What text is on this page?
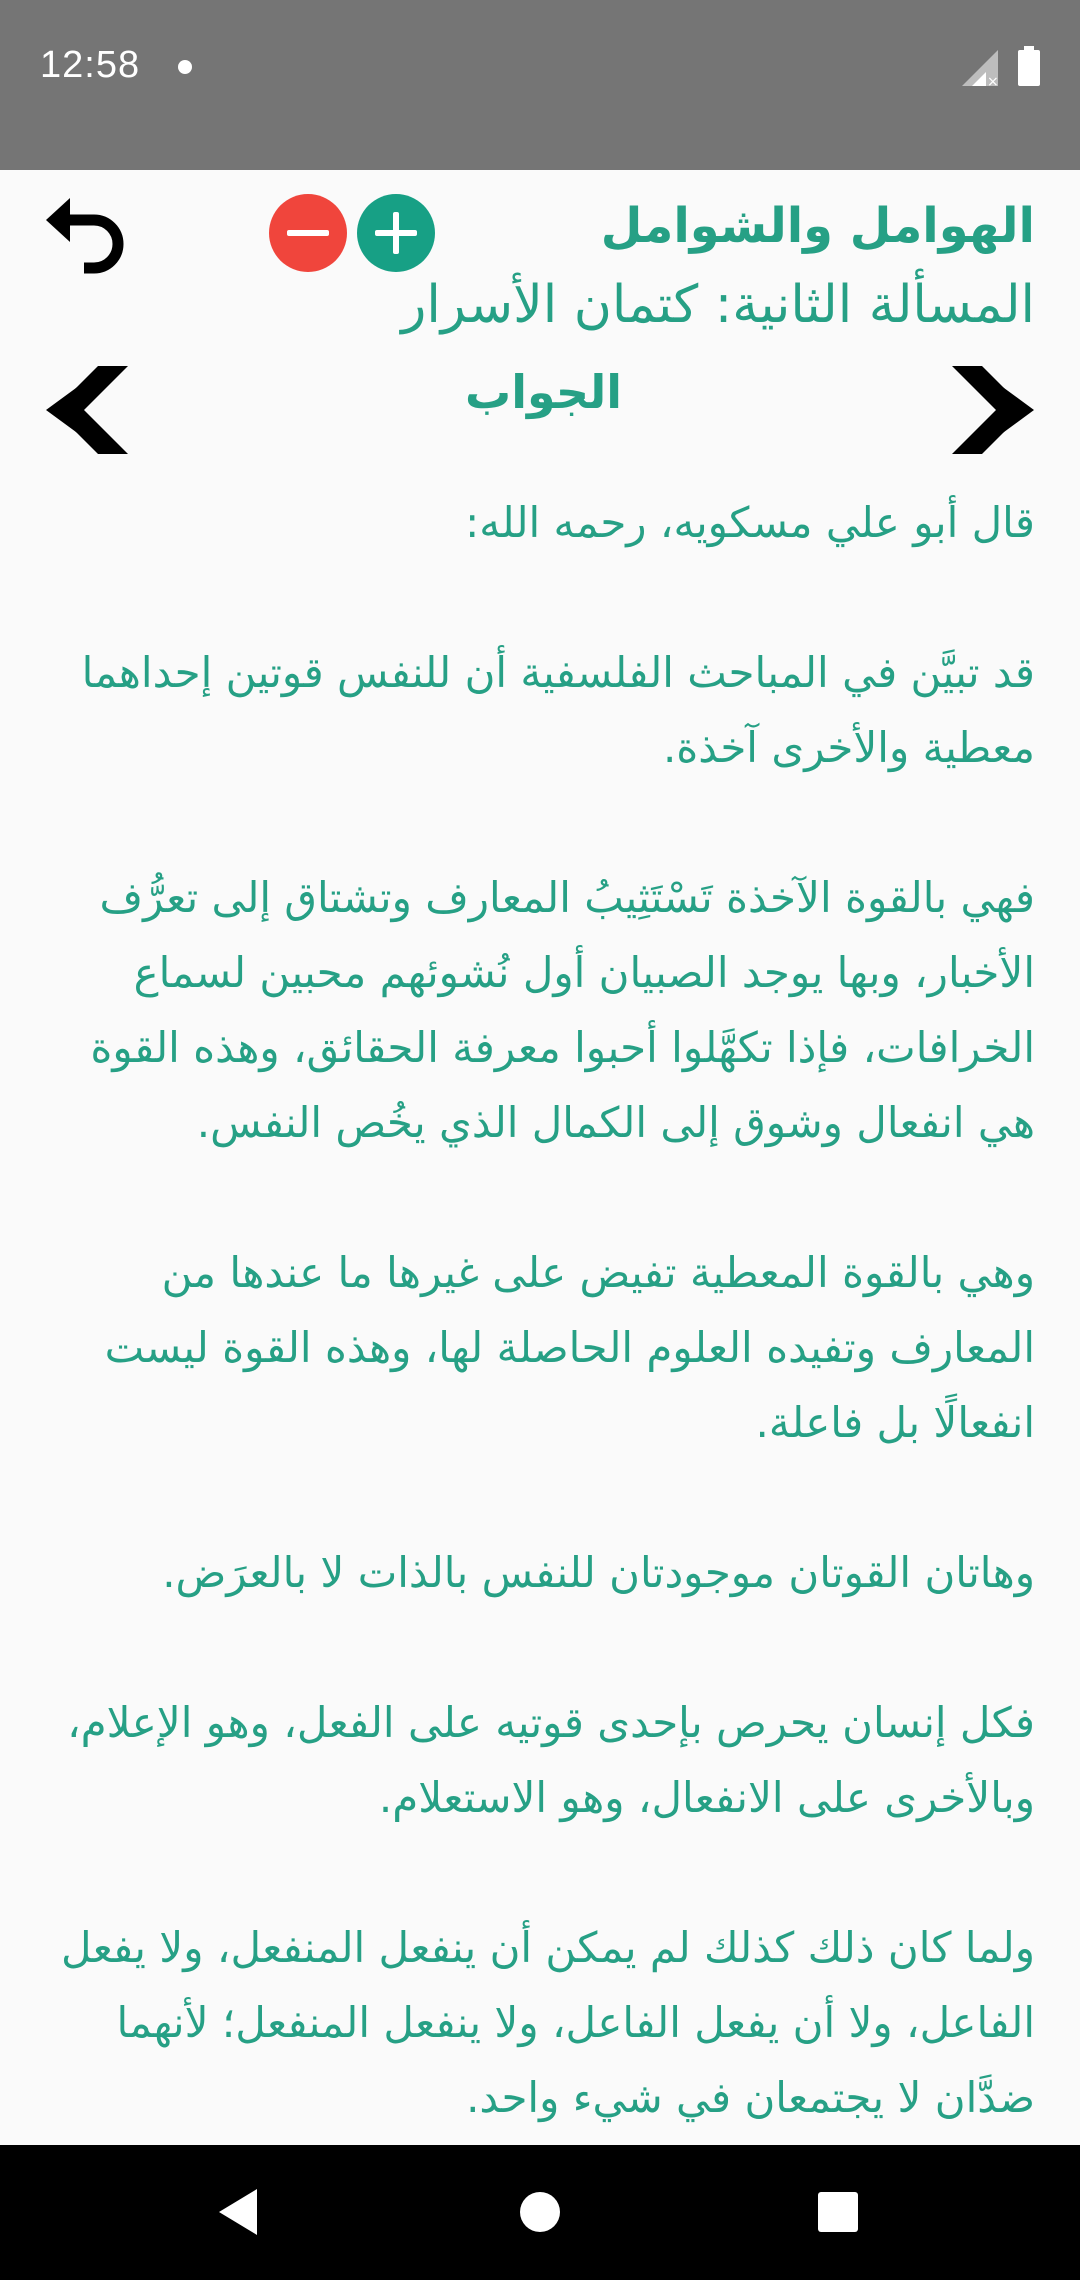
12:58	×
الهوامل والشوامل
المسألة الثانية: كتمان الأسرار
الجواب

قال أبو علي مسكويه، رحمه الله:

قد تبيَّن في المباحث الفلسفية أن للنفس قوتين إحداهما معطية والأخرى آخذة.

فهي بالقوة الآخذة تَسْتَثِيبُ المعارف وتشتاق إلى تعرُّف الأخبار، وبها يوجد الصبيان أول نُشوئهم محبين لسماع الخرافات، فإذا تكهَّلوا أحبوا معرفة الحقائق، وهذه القوة هي انفعال وشوق إلى الكمال الذي يخُص النفس.

وهي بالقوة المعطية تفيض على غيرها ما عندها من المعارف وتفيده العلوم الحاصلة لها، وهذه القوة ليست انفعالًا بل فاعلة.

وهاتان القوتان موجودتان للنفس بالذات لا بالعرَض.

فكل إنسان يحرص بإحدى قوتيه على الفعل، وهو الإعلام، وبالأخرى على الانفعال، وهو الاستعلام.

ولما كان ذلك كذلك لم يمكن أن ينفعل المنفعل، ولا يفعل الفاعل، ولا أن يفعل الفاعل، ولا ينفعل المنفعل؛ لأنهما ضدَّان لا يجتمعان في شيء واحد.
